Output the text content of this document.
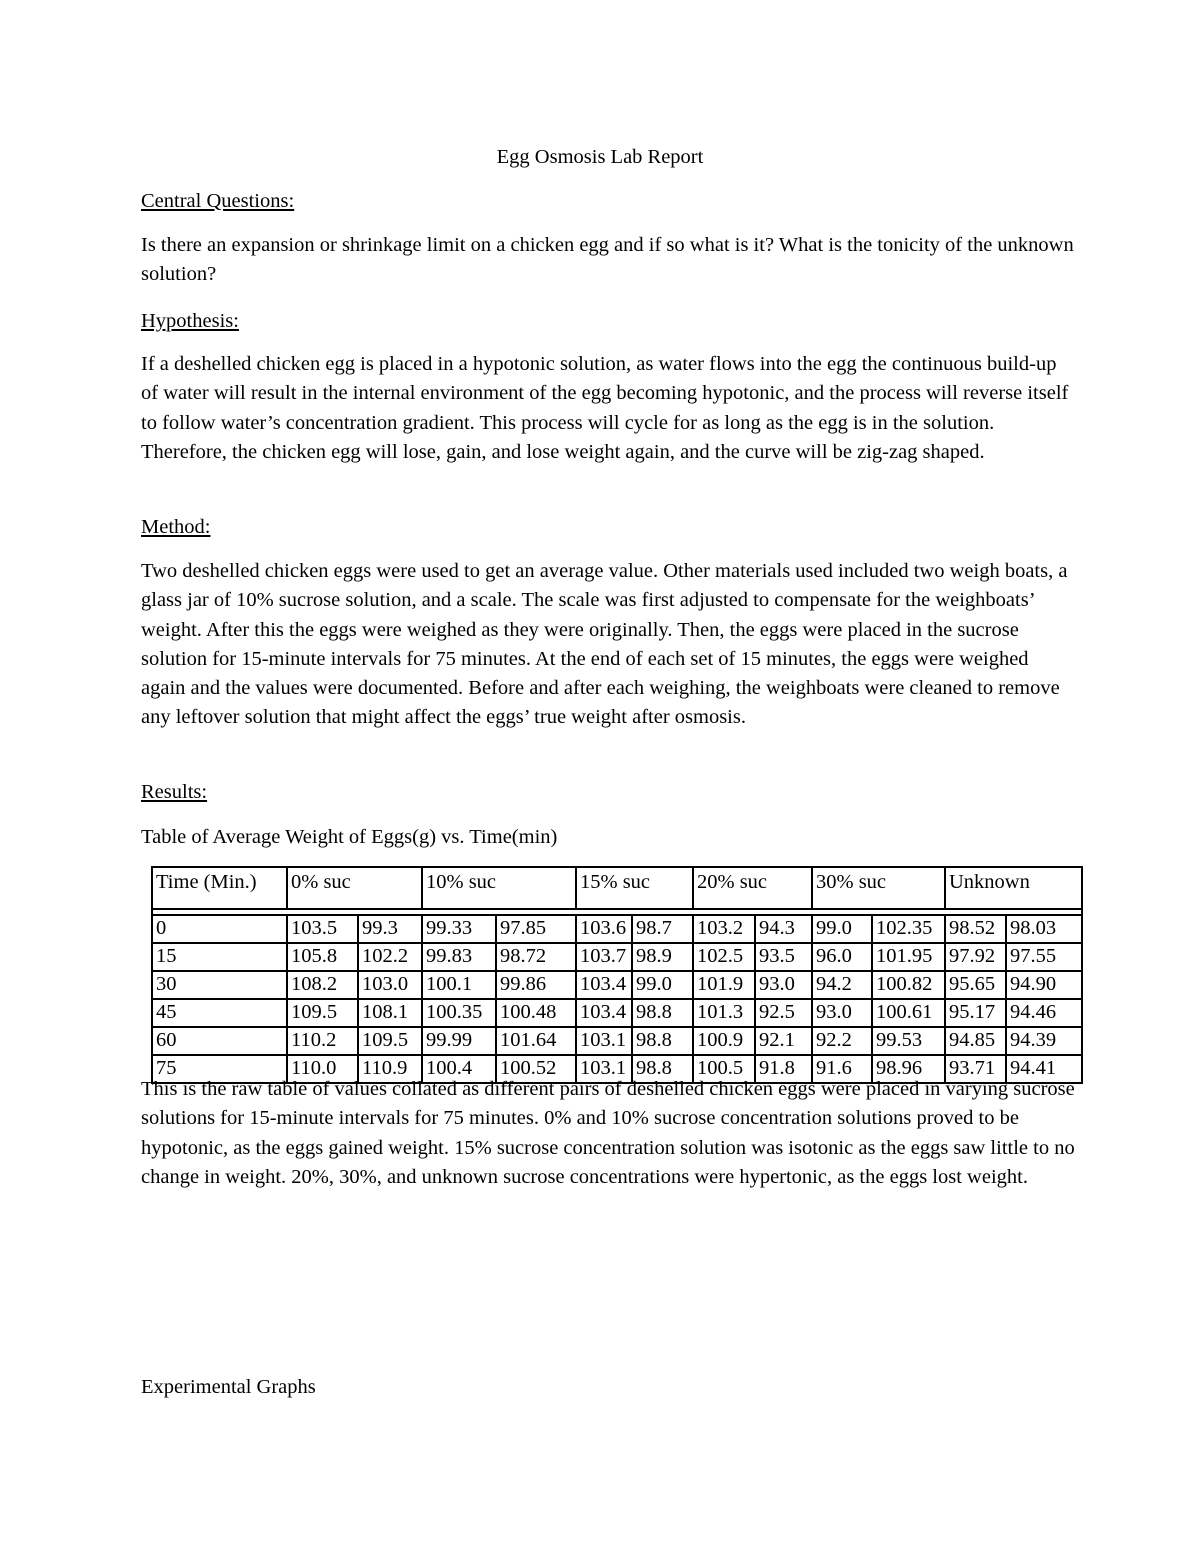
Egg Osmosis Lab Report
Central Questions:

Is there an expansion or shrinkage limit on a chicken egg and if so what is it? What is the tonicity of the unknown solution?

Hypothesis:

If a deshelled chicken egg is placed in a hypotonic solution, as water flows into the egg the continuous build-up of water will result in the internal environment of the egg becoming hypotonic, and the process will reverse itself to follow water’s concentration gradient. This process will cycle for as long as the egg is in the solution. Therefore, the chicken egg will lose, gain, and lose weight again, and the curve will be zig-zag shaped.

Method:

Two deshelled chicken eggs were used to get an average value. Other materials used included two weigh boats, a glass jar of 10% sucrose solution, and a scale. The scale was first adjusted to compensate for the weighboats’ weight. After this the eggs were weighed as they were originally. Then, the eggs were placed in the sucrose solution for 15-minute intervals for 75 minutes. At the end of each set of 15 minutes, the eggs were weighed again and the values were documented. Before and after each weighing, the weighboats were cleaned to remove any leftover solution that might affect the eggs’ true weight after osmosis.

Results:
Table of Average Weight of Eggs(g) vs. Time(min)
Time (Min.)	0% suc		10% suc		15% suc		20% suc		30% suc		Unknown	

0	103.5	99.3	99.33	97.85	103.6	98.7	103.2	94.3	99.0	102.35	98.52	98.03
15	105.8	102.2	99.83	98.72	103.7	98.9	102.5	93.5	96.0	101.95	97.92	97.55
30	108.2	103.0	100.1	99.86	103.4	99.0	101.9	93.0	94.2	100.82	95.65	94.90
45	109.5	108.1	100.35	100.48	103.4	98.8	101.3	92.5	93.0	100.61	95.17	94.46
60	110.2	109.5	99.99	101.64	103.1	98.8	100.9	92.1	92.2	99.53	94.85	94.39
75	110.0	110.9	100.4	100.52	103.1	98.8	100.5	91.8	91.6	98.96	93.71	94.41

This is the raw table of values collated as different pairs of deshelled chicken eggs were placed in varying sucrose solutions for 15-minute intervals for 75 minutes. 0% and 10% sucrose concentration solutions proved to be hypotonic, as the eggs gained weight. 15% sucrose concentration solution was isotonic as the eggs saw little to no change in weight. 20%, 30%, and unknown sucrose concentrations were hypertonic, as the eggs lost weight.

Experimental Graphs
